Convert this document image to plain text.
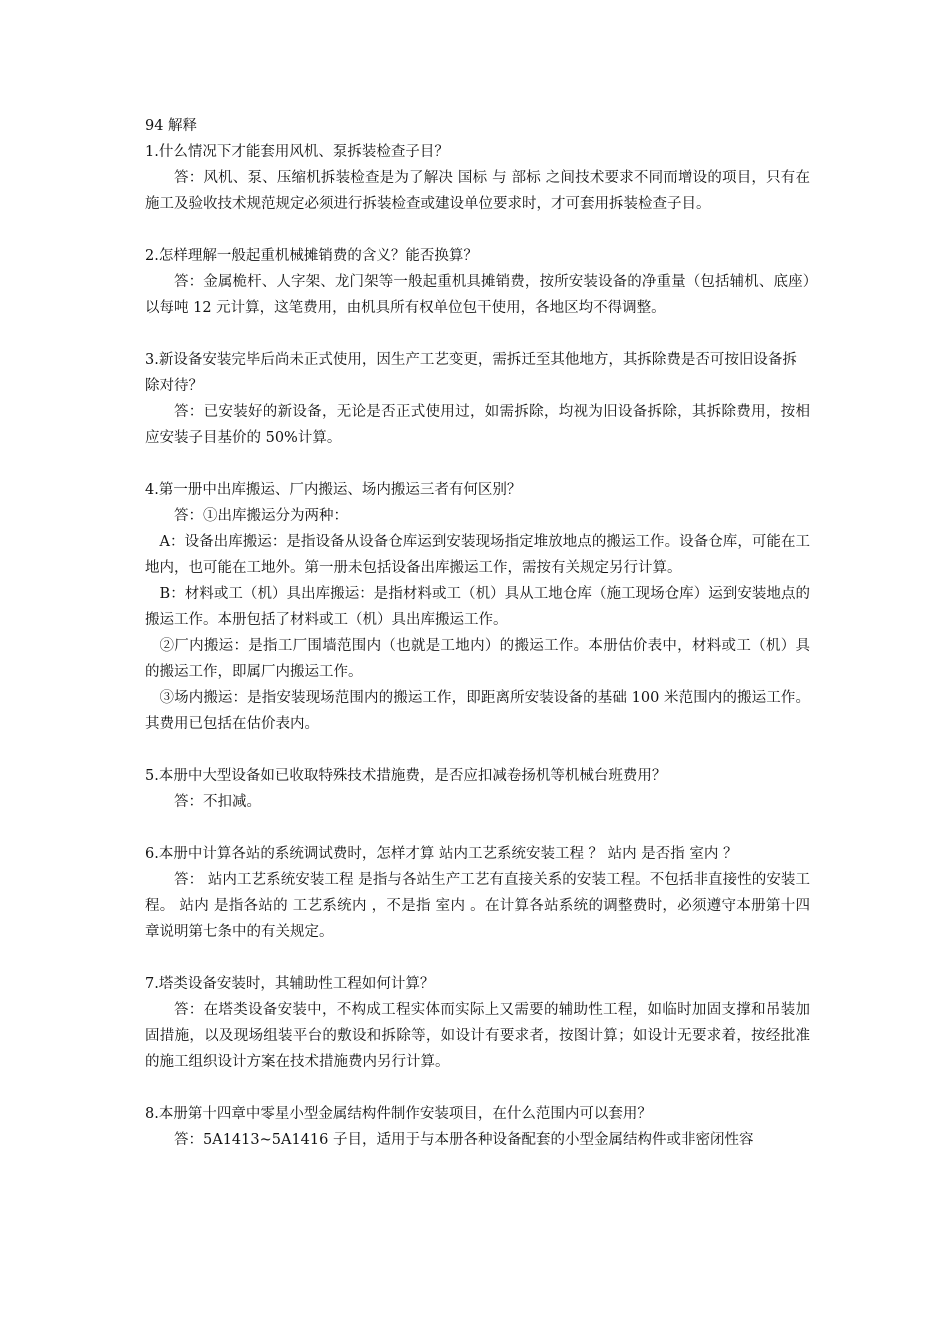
94 解释

1.什么情况下才能套用风机、泵拆装检查子目？

答：风机、泵、压缩机拆装检查是为了解决 国标 与 部标 之间技术要求不同而增设的项目，只有在施工及验收技术规范规定必须进行拆装检查或建设单位要求时，才可套用拆装检查子目。

2.怎样理解一般起重机械摊销费的含义？能否换算？

答：金属桅杆、人字架、龙门架等一般起重机具摊销费，按所安装设备的净重量（包括辅机、底座）以每吨 12 元计算，这笔费用，由机具所有权单位包干使用，各地区均不得调整。

3.新设备安装完毕后尚未正式使用，因生产工艺变更，需拆迁至其他地方，其拆除费是否可按旧设备拆除对待？

答：已安装好的新设备，无论是否正式使用过，如需拆除，均视为旧设备拆除，其拆除费用，按相应安装子目基价的 50%计算。

4.第一册中出库搬运、厂内搬运、场内搬运三者有何区别？

答：①出库搬运分为两种：

A：设备出库搬运：是指设备从设备仓库运到安装现场指定堆放地点的搬运工作。设备仓库，可能在工地内，也可能在工地外。第一册未包括设备出库搬运工作，需按有关规定另行计算。

B：材料或工（机）具出库搬运：是指材料或工（机）具从工地仓库（施工现场仓库）运到安装地点的搬运工作。本册包括了材料或工（机）具出库搬运工作。

②厂内搬运：是指工厂围墙范围内（也就是工地内）的搬运工作。本册估价表中，材料或工（机）具的搬运工作，即属厂内搬运工作。

③场内搬运：是指安装现场范围内的搬运工作，即距离所安装设备的基础 100 米范围内的搬运工作。其费用已包括在估价表内。

5.本册中大型设备如已收取特殊技术措施费，是否应扣减卷扬机等机械台班费用？

答：不扣减。

6.本册中计算各站的系统调试费时，怎样才算 站内工艺系统安装工程 ？ 站内 是否指 室内 ？

答： 站内工艺系统安装工程 是指与各站生产工艺有直接关系的安装工程。不包括非直接性的安装工程。 站内 是指各站的 工艺系统内 ，不是指 室内 。在计算各站系统的调整费时，必须遵守本册第十四章说明第七条中的有关规定。

7.塔类设备安装时，其辅助性工程如何计算？

答：在塔类设备安装中，不构成工程实体而实际上又需要的辅助性工程，如临时加固支撑和吊装加固措施，以及现场组装平台的敷设和拆除等，如设计有要求者，按图计算；如设计无要求着，按经批准的施工组织设计方案在技术措施费内另行计算。

8.本册第十四章中零星小型金属结构件制作安装项目，在什么范围内可以套用？

答：5A1413~5A1416 子目，适用于与本册各种设备配套的小型金属结构件或非密闭性容
